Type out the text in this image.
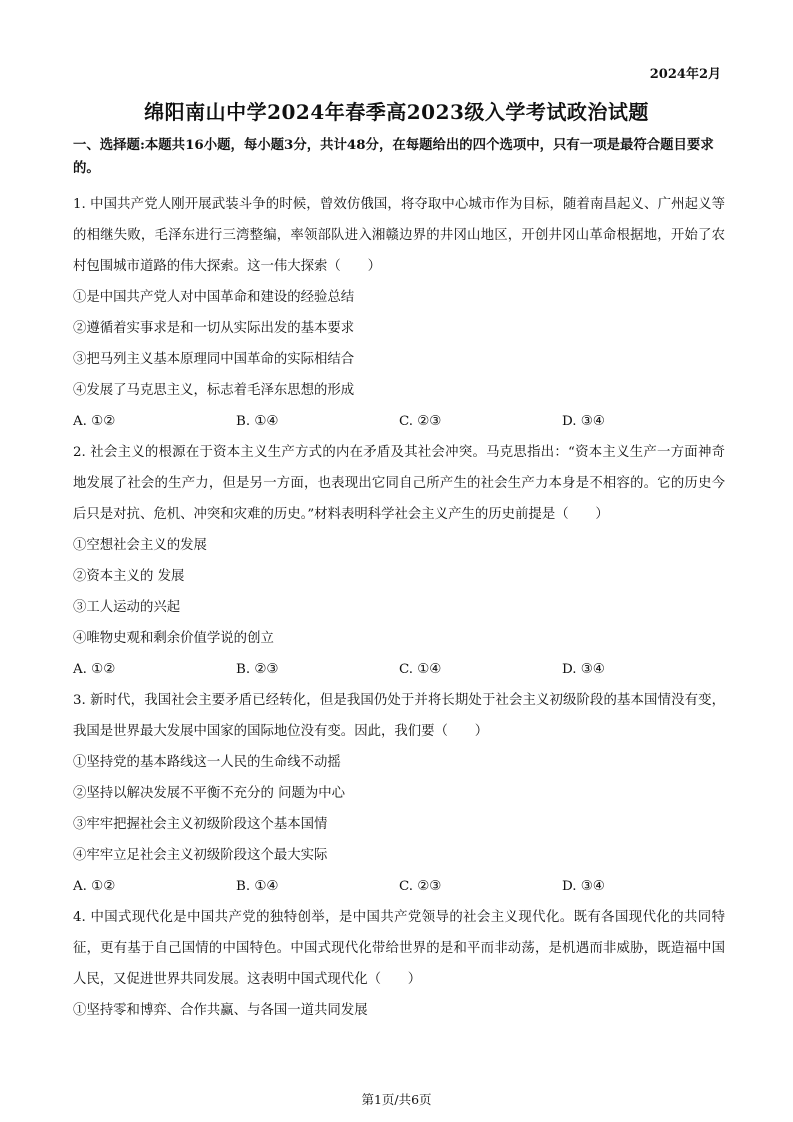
2024年2月
绵阳南山中学2024年春季高2023级入学考试政治试题
一、选择题:本题共16小题，每小题3分，共计48分，在每题给出的四个选项中，只有一项是最符合题目要求的。
1. 中国共产党人刚开展武装斗争的时候，曾效仿俄国，将夺取中心城市作为目标，随着南昌起义、广州起义等的相继失败，毛泽东进行三湾整编，率领部队进入湘赣边界的井冈山地区，开创井冈山革命根据地，开始了农村包围城市道路的伟大探索。这一伟大探索（　　）
①是中国共产党人对中国革命和建设的经验总结
②遵循着实事求是和一切从实际出发的基本要求
③把马列主义基本原理同中国革命的实际相结合
④发展了马克思主义，标志着毛泽东思想的形成
A. ①②	B. ①④	C. ②③	D. ③④
2. 社会主义的根源在于资本主义生产方式的内在矛盾及其社会冲突。马克思指出：“资本主义生产一方面神奇地发展了社会的生产力，但是另一方面，也表现出它同自己所产生的社会生产力本身是不相容的。它的历史今后只是对抗、危机、冲突和灾难的历史。”材料表明科学社会主义产生的历史前提是（　　）
①空想社会主义的发展
②资本主义的 发展
③工人运动的兴起
④唯物史观和剩余价值学说的创立
A. ①②	B. ②③	C. ①④	D. ③④
3. 新时代，我国社会主要矛盾已经转化，但是我国仍处于并将长期处于社会主义初级阶段的基本国情没有变，我国是世界最大发展中国家的国际地位没有变。因此，我们要（　　）
①坚持党的基本路线这一人民的生命线不动摇
②坚持以解决发展不平衡不充分的 问题为中心
③牢牢把握社会主义初级阶段这个基本国情
④牢牢立足社会主义初级阶段这个最大实际
A. ①②	B. ①④	C. ②③	D. ③④
4. 中国式现代化是中国共产党的独特创举，是中国共产党领导的社会主义现代化。既有各国现代化的共同特征，更有基于自己国情的中国特色。中国式现代化带给世界的是和平而非动荡，是机遇而非威胁，既造福中国人民，又促进世界共同发展。这表明中国式现代化（　　）
①坚持零和博弈、合作共赢、与各国一道共同发展
第1页/共6页
